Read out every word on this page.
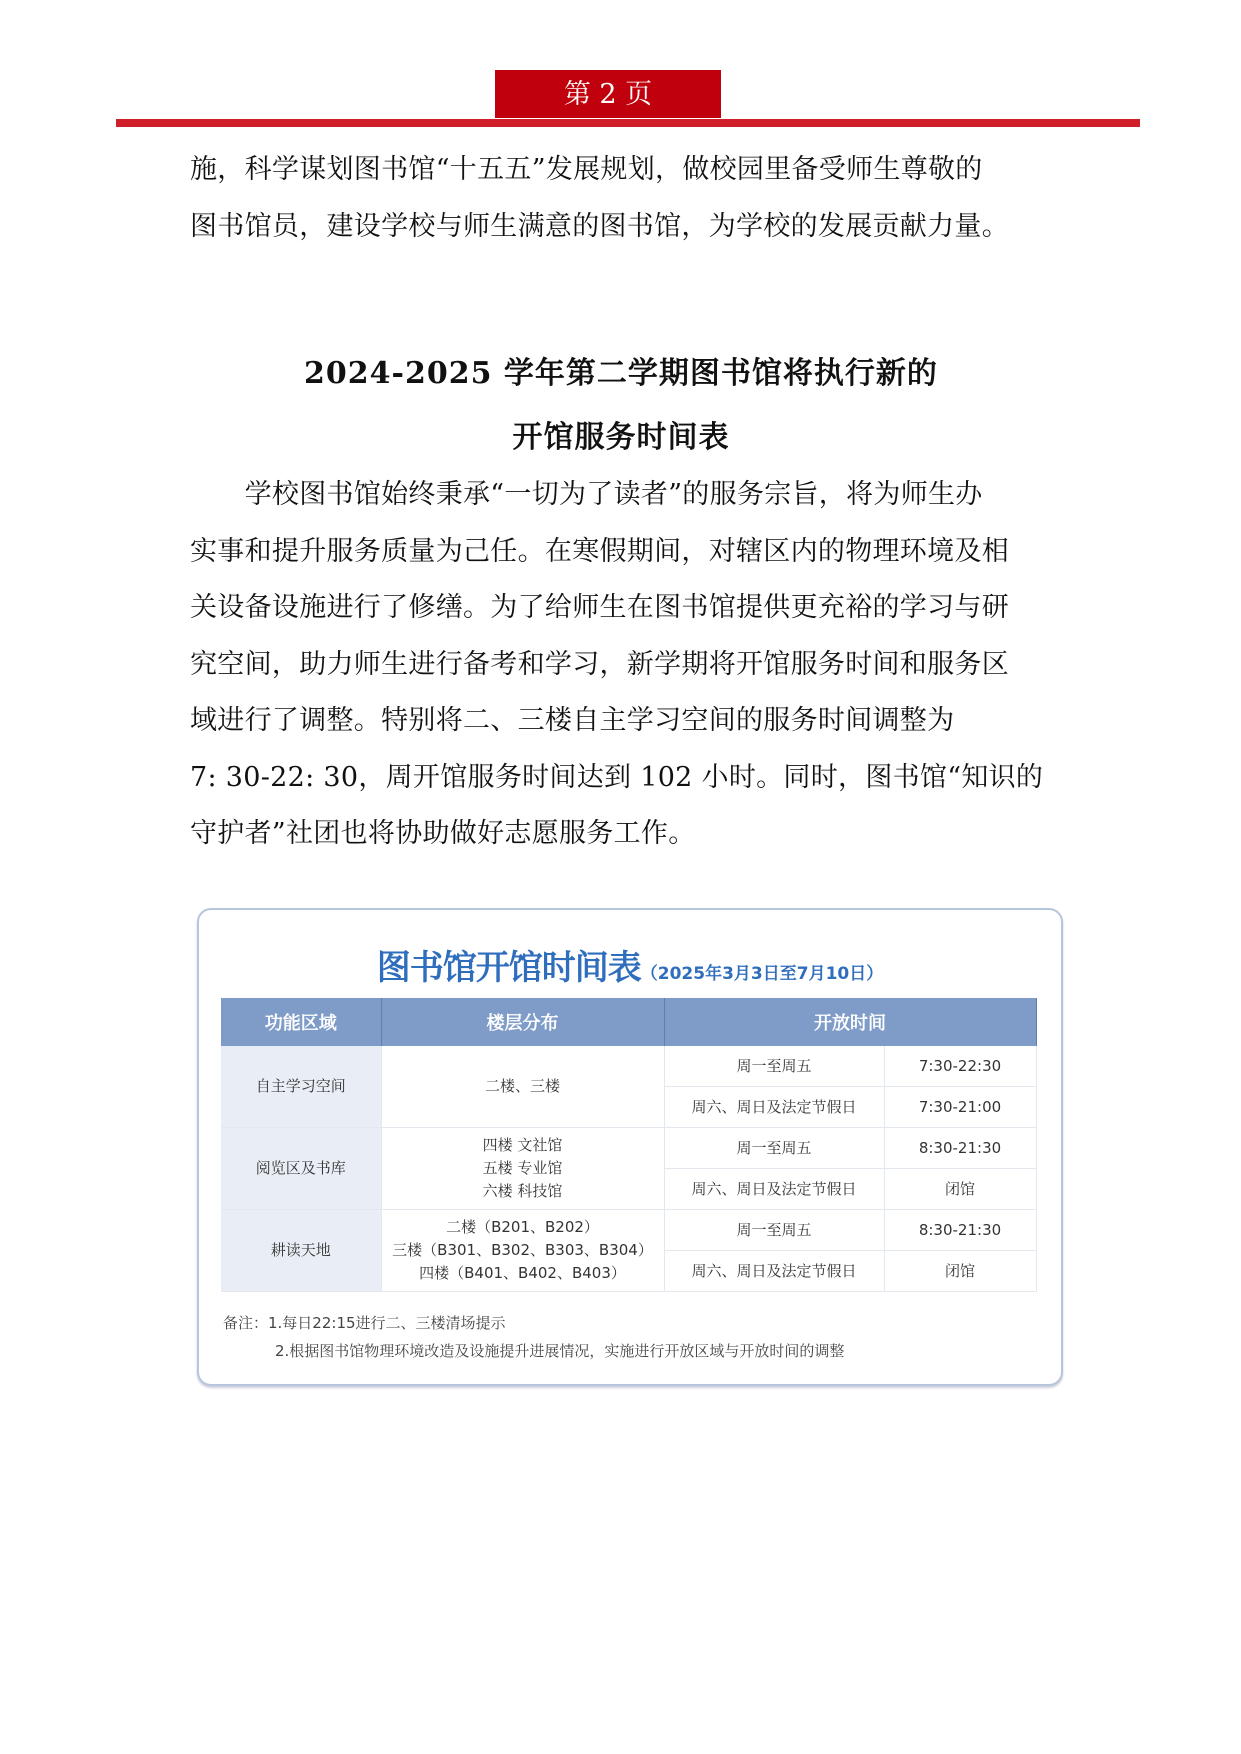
第 2 页
施，科学谋划图书馆“十五五”发展规划，做校园里备受师生尊敬的
图书馆员，建设学校与师生满意的图书馆，为学校的发展贡献力量。
2024-2025 学年第二学期图书馆将执行新的
开馆服务时间表
　　学校图书馆始终秉承“一切为了读者”的服务宗旨，将为师生办
实事和提升服务质量为己任。在寒假期间，对辖区内的物理环境及相
关设备设施进行了修缮。为了给师生在图书馆提供更充裕的学习与研
究空间，助力师生进行备考和学习，新学期将开馆服务时间和服务区
域进行了调整。特别将二、三楼自主学习空间的服务时间调整为
7: 30-22: 30，周开馆服务时间达到 102 小时。同时，图书馆“知识的
守护者”社团也将协助做好志愿服务工作。
图书馆开馆时间表（2025年3月3日至7月10日）
功能区域	楼层分布	开放时间	
自主学习空间	二楼、三楼	周一至周五	7:30-22:30
		周六、周日及法定节假日	7:30-21:00
阅览区及书库	四楼 文社馆
五楼 专业馆
六楼 科技馆	周一至周五	8:30-21:30
		周六、周日及法定节假日	闭馆
耕读天地	二楼（B201、B202）
三楼（B301、B302、B303、B304）
四楼（B401、B402、B403）	周一至周五	8:30-21:30
		周六、周日及法定节假日	闭馆
备注：1.每日22:15进行二、三楼清场提示
2.根据图书馆物理环境改造及设施提升进展情况，实施进行开放区域与开放时间的调整
